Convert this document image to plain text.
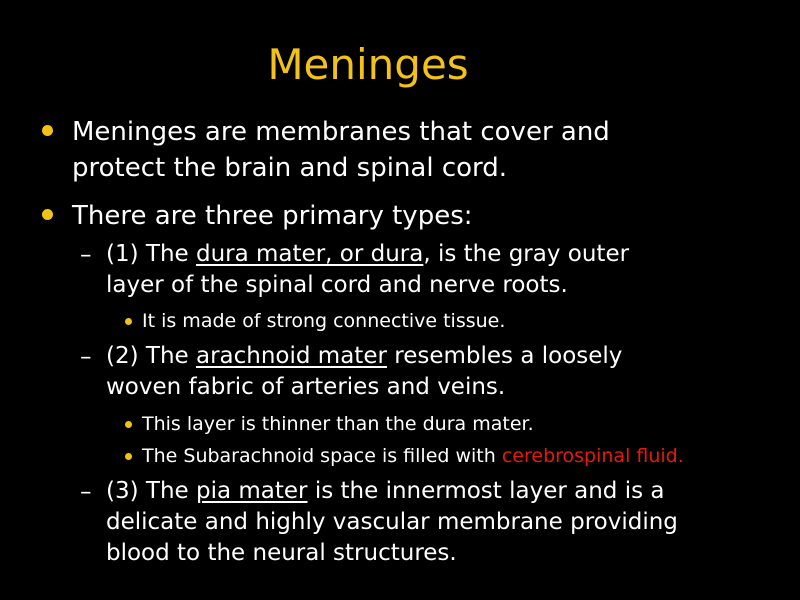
Meninges
Meninges are membranes that cover and
protect the brain and spinal cord.
There are three primary types:
– (1) The dura mater, or dura, is the gray outer
layer of the spinal cord and nerve roots.
It is made of strong connective tissue.
– (2) The arachnoid mater resembles a loosely
woven fabric of arteries and veins.
This layer is thinner than the dura mater.
The Subarachnoid space is filled with cerebrospinal fluid.
– (3) The pia mater is the innermost layer and is a
delicate and highly vascular membrane providing
blood to the neural structures.
